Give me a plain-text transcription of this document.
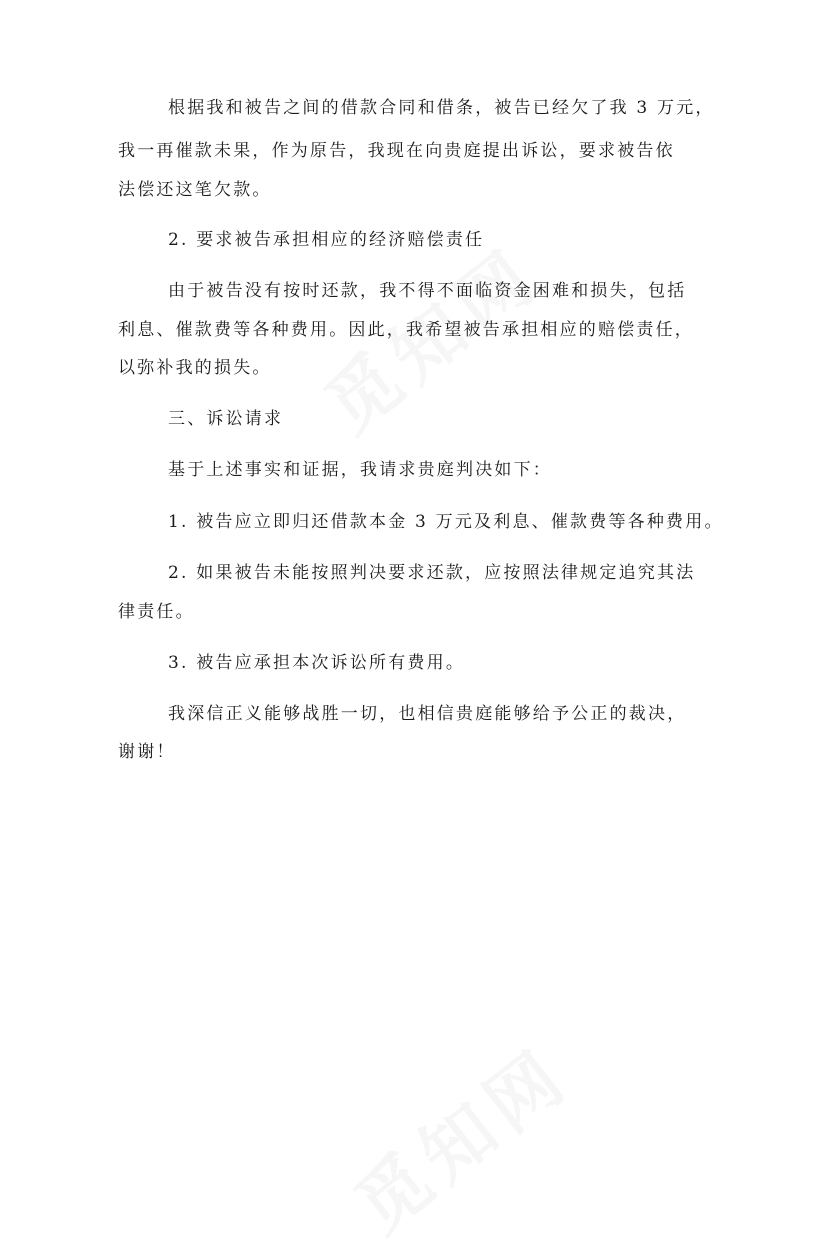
根据我和被告之间的借款合同和借条，被告已经欠了我 3 万元，
我一再催款未果，作为原告，我现在向贵庭提出诉讼，要求被告依
法偿还这笔欠款。
2. 要求被告承担相应的经济赔偿责任
由于被告没有按时还款，我不得不面临资金困难和损失，包括
利息、催款费等各种费用。因此，我希望被告承担相应的赔偿责任，
以弥补我的损失。
三、诉讼请求
基于上述事实和证据，我请求贵庭判决如下：
1. 被告应立即归还借款本金 3 万元及利息、催款费等各种费用。
2. 如果被告未能按照判决要求还款，应按照法律规定追究其法
律责任。
3. 被告应承担本次诉讼所有费用。
我深信正义能够战胜一切，也相信贵庭能够给予公正的裁决，
谢谢！
